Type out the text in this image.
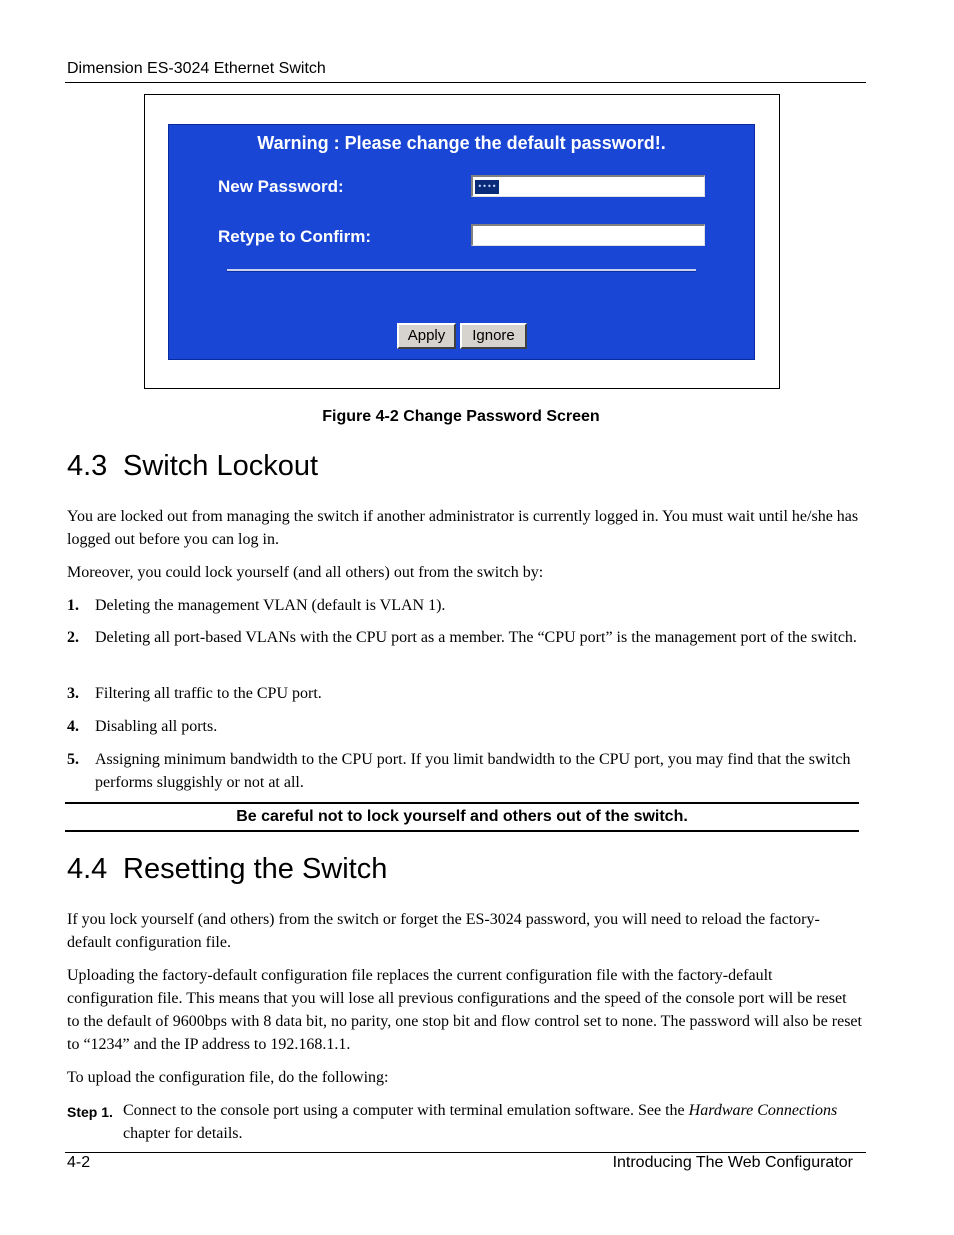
Dimension ES-3024 Ethernet Switch
Warning : Please change the default password!.
New Password:	••••
Retype to Confirm:
Apply	Ignore
Figure 4-2 Change Password Screen
4.3 Switch Lockout
You are locked out from managing the switch if another administrator is currently logged in. You must wait until he/she has logged out before you can log in.
Moreover, you could lock yourself (and all others) out from the switch by:
1. Deleting the management VLAN (default is VLAN 1).
2. Deleting all port-based VLANs with the CPU port as a member. The “CPU port” is the management port of the switch.
3. Filtering all traffic to the CPU port.
4. Disabling all ports.
5. Assigning minimum bandwidth to the CPU port. If you limit bandwidth to the CPU port, you may find that the switch performs sluggishly or not at all.
Be careful not to lock yourself and others out of the switch.
4.4 Resetting the Switch
If you lock yourself (and others) from the switch or forget the ES-3024 password, you will need to reload the factory-default configuration file.
Uploading the factory-default configuration file replaces the current configuration file with the factory-default configuration file. This means that you will lose all previous configurations and the speed of the console port will be reset to the default of 9600bps with 8 data bit, no parity, one stop bit and flow control set to none. The password will also be reset to “1234” and the IP address to 192.168.1.1.
To upload the configuration file, do the following:
Step 1. Connect to the console port using a computer with terminal emulation software. See the Hardware Connections chapter for details.
4-2	Introducing The Web Configurator
